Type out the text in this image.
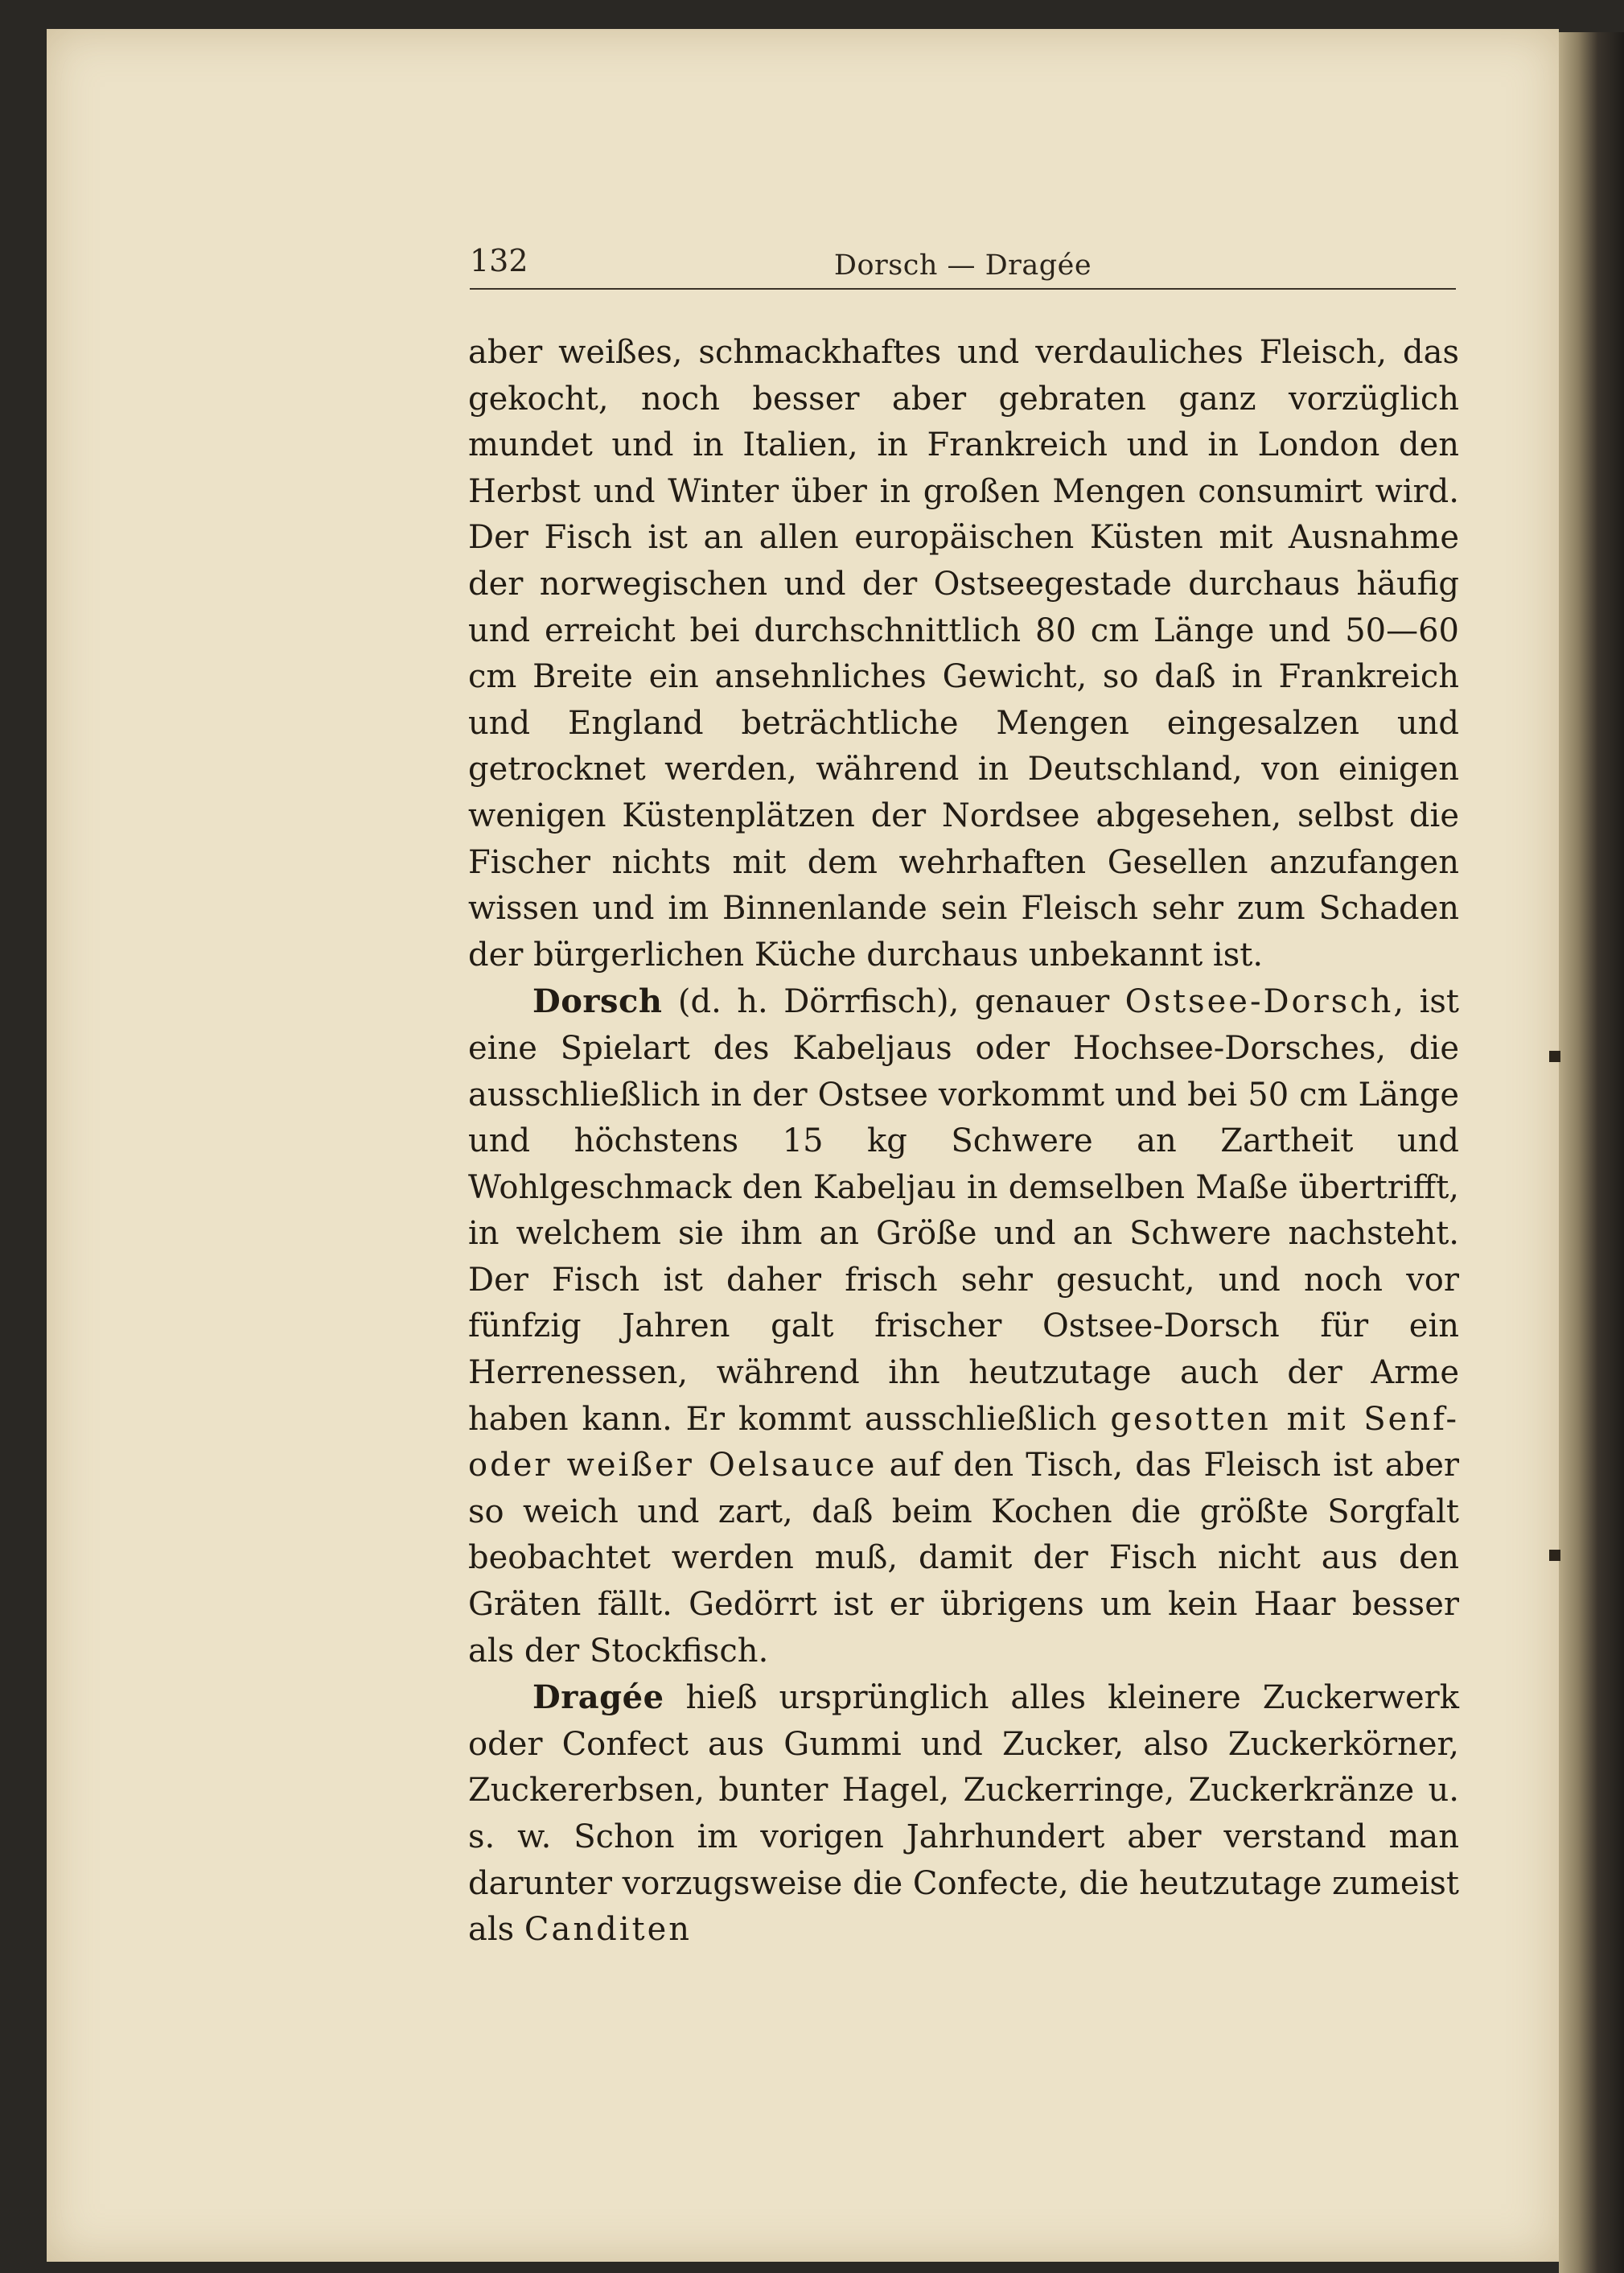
132	Dorsch — Dragée

aber weißes, schmackhaftes und verdauliches Fleisch, das gekocht, noch besser aber gebraten ganz vorzüglich mundet und in Italien, in Frankreich und in London den Herbst und Winter über in großen Mengen consumirt wird. Der Fisch ist an allen europäischen Küsten mit Ausnahme der norwegischen und der Ostseegestade durchaus häufig und erreicht bei durchschnittlich 80 cm Länge und 50—60 cm Breite ein ansehnliches Gewicht, so daß in Frankreich und England beträchtliche Mengen eingesalzen und getrocknet werden, während in Deutschland, von einigen wenigen Küstenplätzen der Nordsee abgesehen, selbst die Fischer nichts mit dem wehrhaften Gesellen anzufangen wissen und im Binnenlande sein Fleisch sehr zum Schaden der bürgerlichen Küche durchaus unbekannt ist.

Dorsch (d. h. Dörrfisch), genauer Ostsee-Dorsch, ist eine Spielart des Kabeljaus oder Hochsee-Dorsches, die ausschließlich in der Ostsee vorkommt und bei 50 cm Länge und höchstens 15 kg Schwere an Zartheit und Wohlgeschmack den Kabeljau in demselben Maße übertrifft, in welchem sie ihm an Größe und an Schwere nachsteht. Der Fisch ist daher frisch sehr gesucht, und noch vor fünfzig Jahren galt frischer Ostsee-Dorsch für ein Herrenessen, während ihn heutzutage auch der Arme haben kann. Er kommt ausschließlich gesotten mit Senf- oder weißer Oelsauce auf den Tisch, das Fleisch ist aber so weich und zart, daß beim Kochen die größte Sorgfalt beobachtet werden muß, damit der Fisch nicht aus den Gräten fällt. Gedörrt ist er übrigens um kein Haar besser als der Stockfisch.

Dragée hieß ursprünglich alles kleinere Zuckerwerk oder Confect aus Gummi und Zucker, also Zuckerkörner, Zuckererbsen, bunter Hagel, Zuckerringe, Zuckerkränze u. s. w. Schon im vorigen Jahrhundert aber verstand man darunter vorzugsweise die Confecte, die heutzutage zumeist als Canditen
